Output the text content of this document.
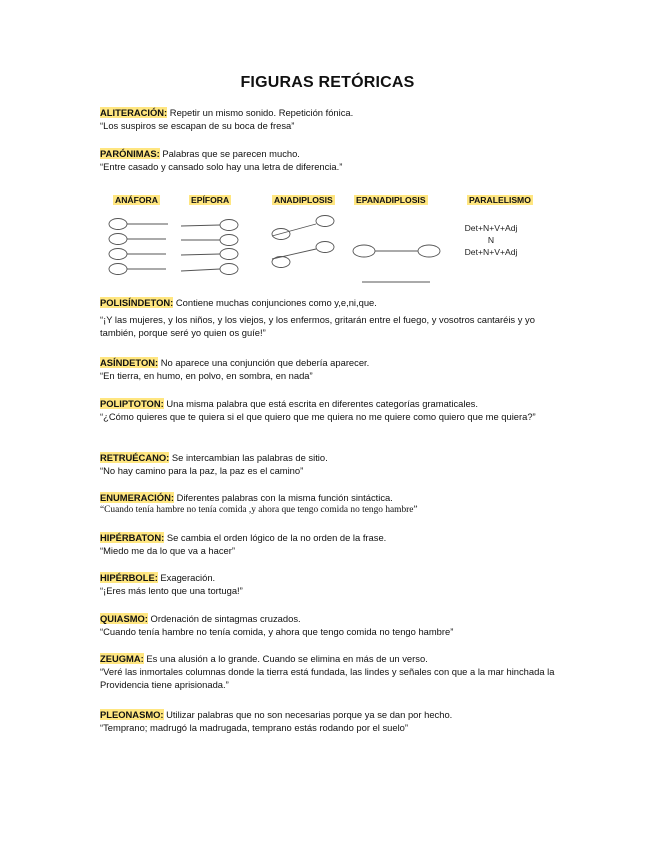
FIGURAS RETÓRICAS

ALITERACIÓN: Repetir un mismo sonido. Repetición fónica.

“Los suspiros se escapan de su boca de fresa”

PARÓNIMAS: Palabras que se parecen mucho.

“Entre casado y cansado solo hay una letra de diferencia.”

ANÁFORA	EPÍFORA	ANADIPLOSIS	EPANADIPLOSIS	PARALELISMO
Det+N+V+Adj
N
Det+N+V+Adj

POLISÍNDETON: Contiene muchas conjunciones como y,e,ni,que.

“¡Y las mujeres, y los niños, y los viejos, y los enfermos, gritarán entre el fuego, y vosotros cantaréis y yo también, porque seré yo quien os guíe!”

ASÍNDETON: No aparece una conjunción que debería aparecer.

“En tierra, en humo, en polvo, en sombra, en nada”

POLIPTOTON: Una misma palabra que está escrita en diferentes categorías gramaticales.

“¿Cómo quieres que te quiera si el que quiero que me quiera no me quiere como quiero que me quiera?”

RETRUÉCANO: Se intercambian las palabras de sitio.

“No hay camino para la paz, la paz es el camino”

ENUMERACIÓN: Diferentes palabras con la misma función sintáctica.

“Cuando tenía hambre no tenía comida ,y ahora que tengo comida no tengo hambre”

HIPÉRBATON: Se cambia el orden lógico de la no orden de la frase.

“Miedo me da lo que va a hacer”

HIPÉRBOLE: Exageración.

“¡Eres más lento que una tortuga!”

QUIASMO: Ordenación de sintagmas cruzados.

“Cuando tenía hambre no tenía comida, y ahora que tengo comida no tengo hambre”

ZEUGMA: Es una alusión a lo grande. Cuando se elimina en más de un verso.

“Veré las inmortales columnas donde la tierra está fundada, las lindes y señales con que a la mar hinchada la Providencia tiene aprisionada.”

PLEONASMO: Utilizar palabras que no son necesarias porque ya se dan por hecho.

“Temprano; madrugó la madrugada, temprano estás rodando por el suelo”
